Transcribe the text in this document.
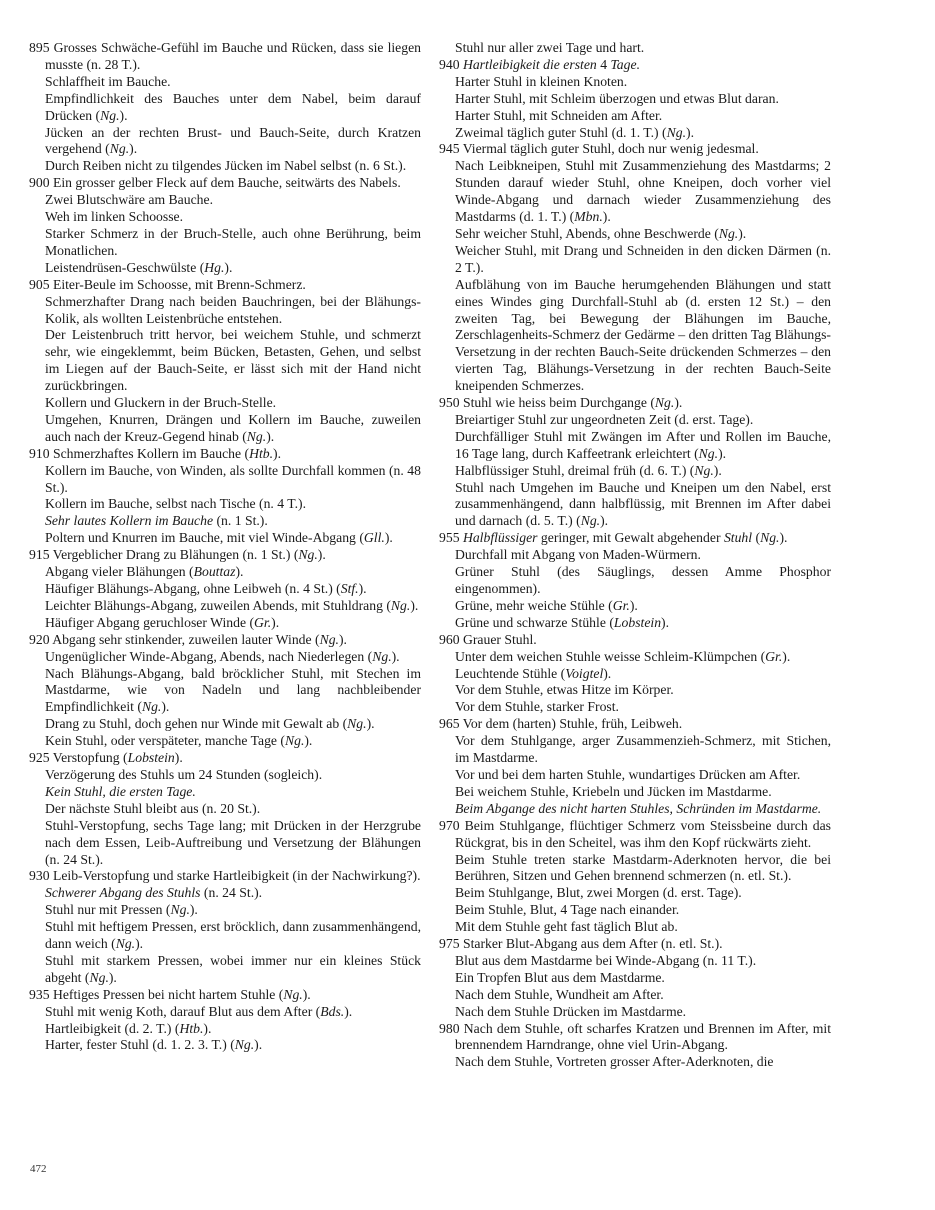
895 Grosses Schwäche-Gefühl im Bauche und Rücken, dass sie liegen musste (n. 28 T.).

Schlaffheit im Bauche.

Empfindlichkeit des Bauches unter dem Nabel, beim darauf Drücken (Ng.).

Jücken an der rechten Brust- und Bauch-Seite, durch Kratzen vergehend (Ng.).

Durch Reiben nicht zu tilgendes Jücken im Nabel selbst (n. 6 St.).

900 Ein grosser gelber Fleck auf dem Bauche, seitwärts des Nabels.

Zwei Blutschwäre am Bauche.

Weh im linken Schoosse.

Starker Schmerz in der Bruch-Stelle, auch ohne Berührung, beim Monatlichen.

Leistendrüsen-Geschwülste (Hg.).

905 Eiter-Beule im Schoosse, mit Brenn-Schmerz.

Schmerzhafter Drang nach beiden Bauchringen, bei der Blähungs-Kolik, als wollten Leistenbrüche entstehen.

Der Leistenbruch tritt hervor, bei weichem Stuhle, und schmerzt sehr, wie eingeklemmt, beim Bücken, Betasten, Gehen, und selbst im Liegen auf der Bauch-Seite, er lässt sich mit der Hand nicht zurückbringen.

Kollern und Gluckern in der Bruch-Stelle.

Umgehen, Knurren, Drängen und Kollern im Bauche, zuweilen auch nach der Kreuz-Gegend hinab (Ng.).

910 Schmerzhaftes Kollern im Bauche (Htb.).

Kollern im Bauche, von Winden, als sollte Durchfall kommen (n. 48 St.).

Kollern im Bauche, selbst nach Tische (n. 4 T.).

Sehr lautes Kollern im Bauche (n. 1 St.).

Poltern und Knurren im Bauche, mit viel Winde-Abgang (Gll.).

915 Vergeblicher Drang zu Blähungen (n. 1 St.) (Ng.).

Abgang vieler Blähungen (Bouttaz).

Häufiger Blähungs-Abgang, ohne Leibweh (n. 4 St.) (Stf.).

Leichter Blähungs-Abgang, zuweilen Abends, mit Stuhldrang (Ng.).

Häufiger Abgang geruchloser Winde (Gr.).

920 Abgang sehr stinkender, zuweilen lauter Winde (Ng.).

Ungenüglicher Winde-Abgang, Abends, nach Niederlegen (Ng.).

Nach Blähungs-Abgang, bald bröcklicher Stuhl, mit Stechen im Mastdarme, wie von Nadeln und lang nachbleibender Empfindlichkeit (Ng.).

Drang zu Stuhl, doch gehen nur Winde mit Gewalt ab (Ng.).

Kein Stuhl, oder verspäteter, manche Tage (Ng.).

925 Verstopfung (Lobstein).

Verzögerung des Stuhls um 24 Stunden (sogleich).

Kein Stuhl, die ersten Tage.

Der nächste Stuhl bleibt aus (n. 20 St.).

Stuhl-Verstopfung, sechs Tage lang; mit Drücken in der Herzgrube nach dem Essen, Leib-Auftreibung und Versetzung der Blähungen (n. 24 St.).

930 Leib-Verstopfung und starke Hartleibigkeit (in der Nachwirkung?).

Schwerer Abgang des Stuhls (n. 24 St.).

Stuhl nur mit Pressen (Ng.).

Stuhl mit heftigem Pressen, erst bröcklich, dann zusammenhängend, dann weich (Ng.).

Stuhl mit starkem Pressen, wobei immer nur ein kleines Stück abgeht (Ng.).

935 Heftiges Pressen bei nicht hartem Stuhle (Ng.).

Stuhl mit wenig Koth, darauf Blut aus dem After (Bds.).

Hartleibigkeit (d. 2. T.) (Htb.).

Harter, fester Stuhl (d. 1. 2. 3. T.) (Ng.).

Stuhl nur aller zwei Tage und hart.

940 Hartleibigkeit die ersten 4 Tage.

Harter Stuhl in kleinen Knoten.

Harter Stuhl, mit Schleim überzogen und etwas Blut daran.

Harter Stuhl, mit Schneiden am After.

Zweimal täglich guter Stuhl (d. 1. T.) (Ng.).

945 Viermal täglich guter Stuhl, doch nur wenig jedesmal.

Nach Leibkneipen, Stuhl mit Zusammenziehung des Mastdarms; 2 Stunden darauf wieder Stuhl, ohne Kneipen, doch vorher viel Winde-Abgang und darnach wieder Zusammenziehung des Mastdarms (d. 1. T.) (Mbn.).

Sehr weicher Stuhl, Abends, ohne Beschwerde (Ng.).

Weicher Stuhl, mit Drang und Schneiden in den dicken Därmen (n. 2 T.).

Aufblähung von im Bauche herumgehenden Blähungen und statt eines Windes ging Durchfall-Stuhl ab (d. ersten 12 St.) – den zweiten Tag, bei Bewegung der Blähungen im Bauche, Zerschlagenheits-Schmerz der Gedärme – den dritten Tag Blähungs-Versetzung in der rechten Bauch-Seite drückenden Schmerzes – den vierten Tag, Blähungs-Versetzung in der rechten Bauch-Seite kneipenden Schmerzes.

950 Stuhl wie heiss beim Durchgange (Ng.).

Breiartiger Stuhl zur ungeordneten Zeit (d. erst. Tage).

Durchfälliger Stuhl mit Zwängen im After und Rollen im Bauche, 16 Tage lang, durch Kaffeetrank erleichtert (Ng.).

Halbflüssiger Stuhl, dreimal früh (d. 6. T.) (Ng.).

Stuhl nach Umgehen im Bauche und Kneipen um den Nabel, erst zusammenhängend, dann halbflüssig, mit Brennen im After dabei und darnach (d. 5. T.) (Ng.).

955 Halbflüssiger geringer, mit Gewalt abgehender Stuhl (Ng.).

Durchfall mit Abgang von Maden-Würmern.

Grüner Stuhl (des Säuglings, dessen Amme Phosphor eingenommen).

Grüne, mehr weiche Stühle (Gr.).

Grüne und schwarze Stühle (Lobstein).

960 Grauer Stuhl.

Unter dem weichen Stuhle weisse Schleim-Klümpchen (Gr.).

Leuchtende Stühle (Voigtel).

Vor dem Stuhle, etwas Hitze im Körper.

Vor dem Stuhle, starker Frost.

965 Vor dem (harten) Stuhle, früh, Leibweh.

Vor dem Stuhlgange, arger Zusammenzieh-Schmerz, mit Stichen, im Mastdarme.

Vor und bei dem harten Stuhle, wundartiges Drücken am After.

Bei weichem Stuhle, Kriebeln und Jücken im Mastdarme.

Beim Abgange des nicht harten Stuhles, Schründen im Mastdarme.

970 Beim Stuhlgange, flüchtiger Schmerz vom Steissbeine durch das Rückgrat, bis in den Scheitel, was ihm den Kopf rückwärts zieht.

Beim Stuhle treten starke Mastdarm-Aderknoten hervor, die bei Berühren, Sitzen und Gehen brennend schmerzen (n. etl. St.).

Beim Stuhlgange, Blut, zwei Morgen (d. erst. Tage).

Beim Stuhle, Blut, 4 Tage nach einander.

Mit dem Stuhle geht fast täglich Blut ab.

975 Starker Blut-Abgang aus dem After (n. etl. St.).

Blut aus dem Mastdarme bei Winde-Abgang (n. 11 T.).

Ein Tropfen Blut aus dem Mastdarme.

Nach dem Stuhle, Wundheit am After.

Nach dem Stuhle Drücken im Mastdarme.

980 Nach dem Stuhle, oft scharfes Kratzen und Brennen im After, mit brennendem Harndrange, ohne viel Urin-Abgang.

Nach dem Stuhle, Vortreten grosser After-Aderknoten, die

472
